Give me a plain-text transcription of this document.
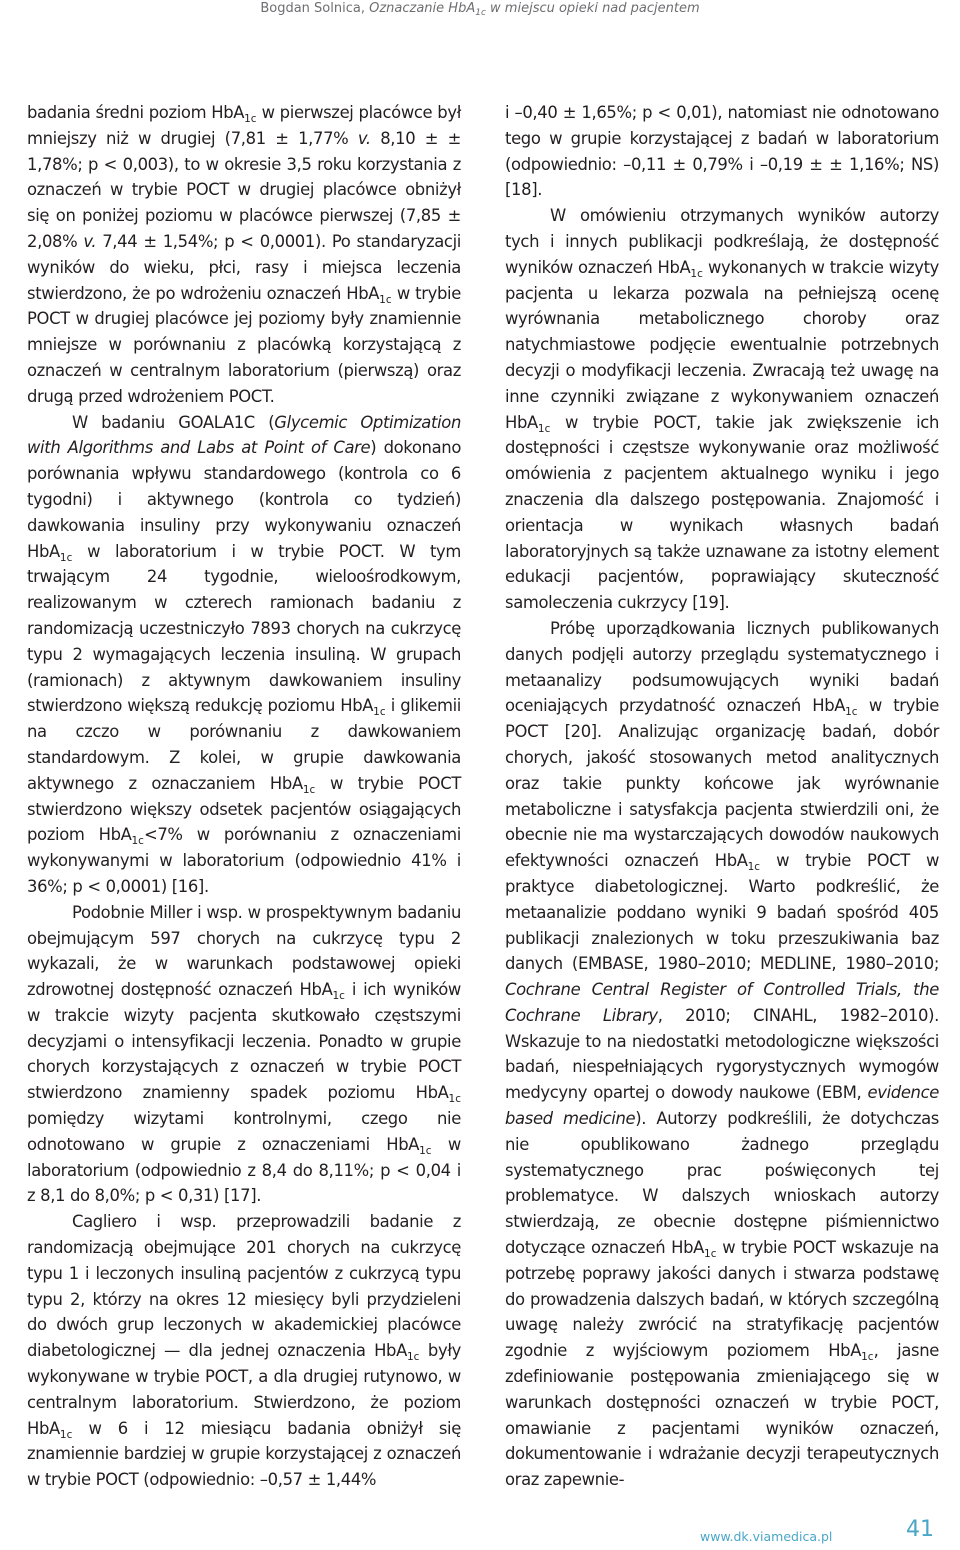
Bogdan Solnica, Oznaczanie HbA$_{1c}$ w miejscu opieki nad pacjentem

badania średni poziom HbA$_{1c}$ w pierwszej placówce był mniejszy niż w drugiej (7,81 ± 1,77% v. 8,10 ± ± 1,78%; p < 0,003), to w okresie 3,5 roku korzystania z oznaczeń w trybie POCT w drugiej placówce obniżył się on poniżej poziomu w placówce pierwszej (7,85 ± 2,08% v. 7,44 ± 1,54%; p < 0,0001). Po standaryzacji wyników do wieku, płci, rasy i miejsca leczenia stwierdzono, że po wdrożeniu oznaczeń HbA$_{1c}$ w trybie POCT w drugiej placówce jej poziomy były znamiennie mniejsze w porównaniu z placówką korzystającą z oznaczeń w centralnym laboratorium (pierwszą) oraz drugą przed wdrożeniem POCT.

W badaniu GOALA1C (Glycemic Optimization with Algorithms and Labs at Point of Care) dokonano porównania wpływu standardowego (kontrola co 6 tygodni) i aktywnego (kontrola co tydzień) dawkowania insuliny przy wykonywaniu oznaczeń HbA$_{1c}$ w laboratorium i w trybie POCT. W tym trwającym 24 tygodnie, wieloośrodkowym, realizowanym w czterech ramionach badaniu z randomizacją uczestniczyło 7893 chorych na cukrzycę typu 2 wymagających leczenia insuliną. W grupach (ramionach) z aktywnym dawkowaniem insuliny stwierdzono większą redukcję poziomu HbA$_{1c}$ i glikemii na czczo w porównaniu z dawkowaniem standardowym. Z kolei, w grupie dawkowania aktywnego z oznaczaniem HbA$_{1c}$ w trybie POCT stwierdzono większy odsetek pacjentów osiągających poziom HbA$_{1c}$<7% w porównaniu z oznaczeniami wykonywanymi w laboratorium (odpowiednio 41% i 36%; p < 0,0001) [16].

Podobnie Miller i wsp. w prospektywnym badaniu obejmującym 597 chorych na cukrzycę typu 2 wykazali, że w warunkach podstawowej opieki zdrowotnej dostępność oznaczeń HbA$_{1c}$ i ich wyników w trakcie wizyty pacjenta skutkowało częstszymi decyzjami o intensyfikacji leczenia. Ponadto w grupie chorych korzystających z oznaczeń w trybie POCT stwierdzono znamienny spadek poziomu HbA$_{1c}$ pomiędzy wizytami kontrolnymi, czego nie odnotowano w grupie z oznaczeniami HbA$_{1c}$ w laboratorium (odpowiednio z 8,4 do 8,11%; p < 0,04 i z 8,1 do 8,0%; p < 0,31) [17].

Cagliero i wsp. przeprowadzili badanie z randomizacją obejmujące 201 chorych na cukrzycę typu 1 i leczonych insuliną pacjentów z cukrzycą typu typu 2, którzy na okres 12 miesięcy byli przydzieleni do dwóch grup leczonych w akademickiej placówce diabetologicznej — dla jednej oznaczenia HbA$_{1c}$ były wykonywane w trybie POCT, a dla drugiej rutynowo, w centralnym laboratorium. Stwierdzono, że poziom HbA$_{1c}$ w 6 i 12 miesiącu badania obniżył się znamiennie bardziej w grupie korzystającej z oznaczeń w trybie POCT (odpowiednio: –0,57 ± 1,44%

i –0,40 ± 1,65%; p < 0,01), natomiast nie odnotowano tego w grupie korzystającej z badań w laboratorium (odpowiednio: –0,11 ± 0,79% i –0,19 ± ± 1,16%; NS) [18].

W omówieniu otrzymanych wyników autorzy tych i innych publikacji podkreślają, że dostępność wyników oznaczeń HbA$_{1c}$ wykonanych w trakcie wizyty pacjenta u lekarza pozwala na pełniejszą ocenę wyrównania metabolicznego choroby oraz natychmiastowe podjęcie ewentualnie potrzebnych decyzji o modyfikacji leczenia. Zwracają też uwagę na inne czynniki związane z wykonywaniem oznaczeń HbA$_{1c}$ w trybie POCT, takie jak zwiększenie ich dostępności i częstsze wykonywanie oraz możliwość omówienia z pacjentem aktualnego wyniku i jego znaczenia dla dalszego postępowania. Znajomość i orientacja w wynikach własnych badań laboratoryjnych są także uznawane za istotny element edukacji pacjentów, poprawiający skuteczność samoleczenia cukrzycy [19].

Próbę uporządkowania licznych publikowanych danych podjęli autorzy przeglądu systematycznego i metaanalizy podsumowujących wyniki badań oceniających przydatność oznaczeń HbA$_{1c}$ w trybie POCT [20]. Analizując organizację badań, dobór chorych, jakość stosowanych metod analitycznych oraz takie punkty końcowe jak wyrównanie metaboliczne i satysfakcja pacjenta stwierdzili oni, że obecnie nie ma wystarczających dowodów naukowych efektywności oznaczeń HbA$_{1c}$ w trybie POCT w praktyce diabetologicznej. Warto podkreślić, że metaanalizie poddano wyniki 9 badań spośród 405 publikacji znalezionych w toku przeszukiwania baz danych (EMBASE, 1980–2010; MEDLINE, 1980–2010; Cochrane Central Register of Controlled Trials, the Cochrane Library, 2010; CINAHL, 1982–2010). Wskazuje to na niedostatki metodologiczne większości badań, niespełniających rygorystycznych wymogów medycyny opartej o dowody naukowe (EBM, evidence based medicine). Autorzy podkreślili, że dotychczas nie opublikowano żadnego przeglądu systematycznego prac poświęconych tej problematyce. W dalszych wnioskach autorzy stwierdzają, ze obecnie dostępne piśmiennictwo dotyczące oznaczeń HbA$_{1c}$ w trybie POCT wskazuje na potrzebę poprawy jakości danych i stwarza podstawę do prowadzenia dalszych badań, w których szczególną uwagę należy zwrócić na stratyfikację pacjentów zgodnie z wyjściowym poziomem HbA$_{1c}$, jasne zdefiniowanie postępowania zmieniającego się w warunkach dostępności oznaczeń w trybie POCT, omawianie z pacjentami wyników oznaczeń, dokumentowanie i wdrażanie decyzji terapeutycznych oraz zapewnie-

www.dk.viamedica.pl	41
